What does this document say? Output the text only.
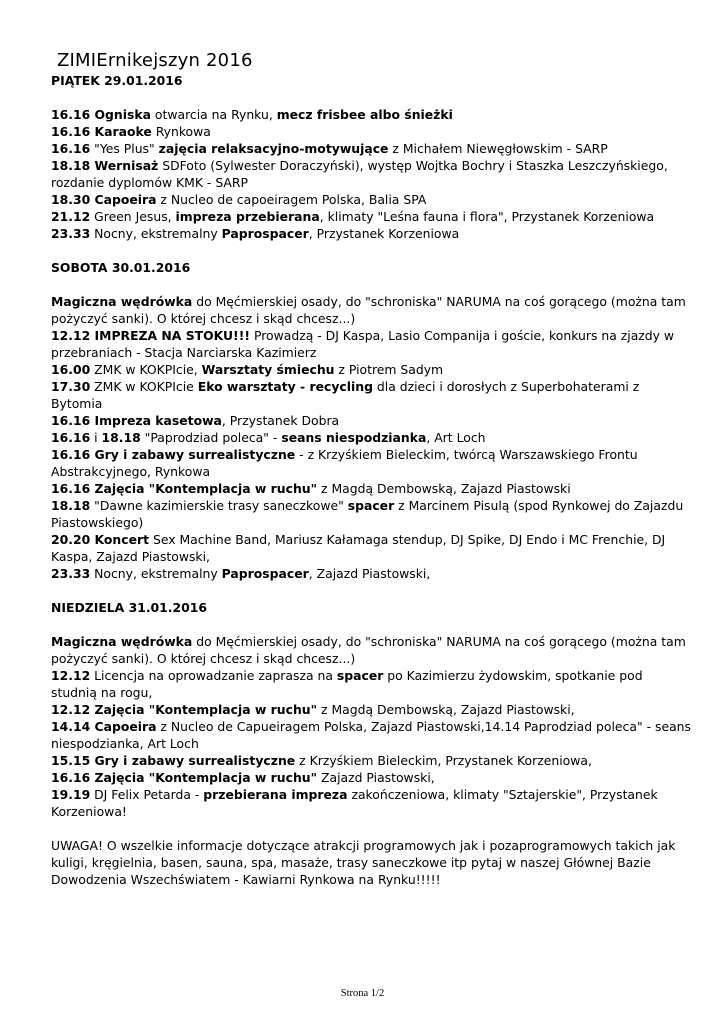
ZIMIErnikejszyn 2016

PIĄTEK 29.01.2016

16.16 Ogniska otwarcia na Rynku, mecz frisbee albo śnieżki

16.16 Karaoke Rynkowa

16.16 "Yes Plus" zajęcia relaksacyjno-motywujące z Michałem Niewęgłowskim - SARP

18.18 Wernisaż SDFoto (Sylwester Doraczyński), występ Wojtka Bochry i Staszka Leszczyńskiego, rozdanie dyplomów KMK - SARP

18.30 Capoeira z Nucleo de capoeiragem Polska, Balia SPA

21.12 Green Jesus, impreza przebierana, klimaty "Leśna fauna i flora", Przystanek Korzeniowa

23.33 Nocny, ekstremalny Paprospacer, Przystanek Korzeniowa

SOBOTA 30.01.2016

Magiczna wędrówka do Męćmierskiej osady, do "schroniska" NARUMA na coś gorącego (można tam pożyczyć sanki). O której chcesz i skąd chcesz...)

12.12 IMPREZA NA STOKU!!! Prowadzą - DJ Kaspa, Lasio Companija i goście, konkurs na zjazdy w przebraniach - Stacja Narciarska Kazimierz

16.00 ZMK w KOKPIcie, Warsztaty śmiechu z Piotrem Sadym

17.30 ZMK w KOKPIcie Eko warsztaty - recycling dla dzieci i dorosłych z Superbohaterami z Bytomia

16.16 Impreza kasetowa, Przystanek Dobra

16.16 i 18.18 "Paprodziad poleca" - seans niespodzianka, Art Loch

16.16 Gry i zabawy surrealistyczne - z Krzyśkiem Bieleckim, twórcą Warszawskiego Frontu Abstrakcyjnego, Rynkowa

16.16 Zajęcia "Kontemplacja w ruchu" z Magdą Dembowską, Zajazd Piastowski

18.18 "Dawne kazimierskie trasy saneczkowe" spacer z Marcinem Pisulą (spod Rynkowej do Zajazdu Piastowskiego)

20.20 Koncert Sex Machine Band, Mariusz Kałamaga stendup, DJ Spike, DJ Endo i MC Frenchie, DJ Kaspa, Zajazd Piastowski,

23.33 Nocny, ekstremalny Paprospacer, Zajazd Piastowski,

NIEDZIELA 31.01.2016

Magiczna wędrówka do Męćmierskiej osady, do "schroniska" NARUMA na coś gorącego (można tam pożyczyć sanki). O której chcesz i skąd chcesz...)

12.12 Licencja na oprowadzanie zaprasza na spacer po Kazimierzu żydowskim, spotkanie pod studnią na rogu,

12.12 Zajęcia "Kontemplacja w ruchu" z Magdą Dembowską, Zajazd Piastowski,

14.14 Capoeira z Nucleo de Capueiragem Polska, Zajazd Piastowski,14.14 Paprodziad poleca" - seans niespodzianka, Art Loch

15.15 Gry i zabawy surrealistyczne z Krzyśkiem Bieleckim, Przystanek Korzeniowa,

16.16 Zajęcia "Kontemplacja w ruchu" Zajazd Piastowski,

19.19 DJ Felix Petarda - przebierana impreza zakończeniowa, klimaty "Sztajerskie", Przystanek Korzeniowa!

UWAGA! O wszelkie informacje dotyczące atrakcji programowych jak i pozaprogramowych takich jak kuligi, kręgielnia, basen, sauna, spa, masaże, trasy saneczkowe itp pytaj w naszej Głównej Bazie Dowodzenia Wszechświatem - Kawiarni Rynkowa na Rynku!!!!!

Strona 1/2
